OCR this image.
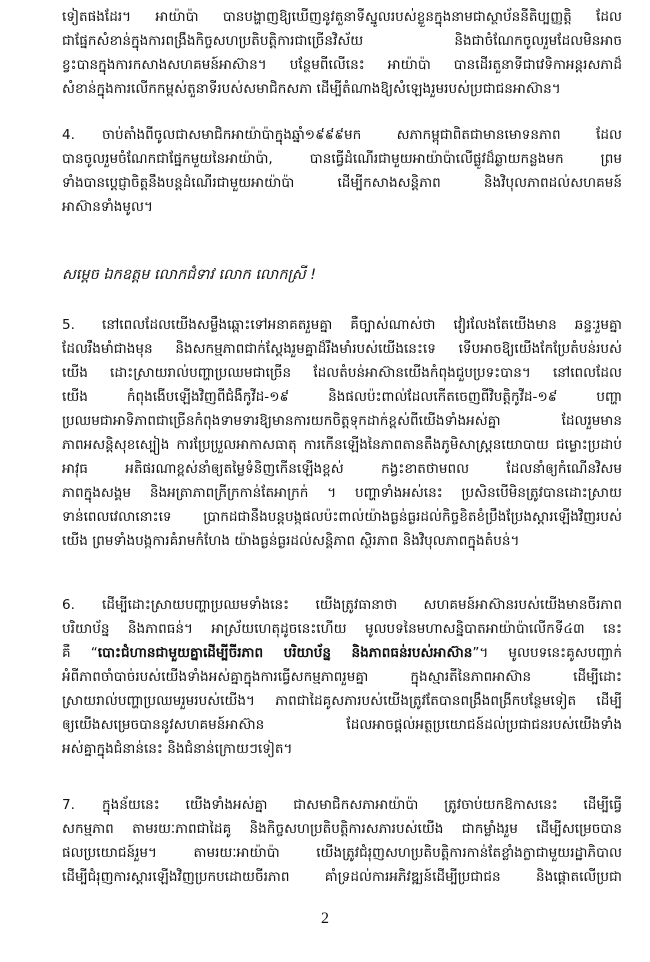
ទៀតផងដែរ។ អាយ៉ាប៉ា បានបង្ហាញឱ្យឃើញនូវតួនាទីស្នូលរបស់ខ្លួនក្នុងនាមជាស្ថាប័ននីតិប្បញ្ញត្តិ ដែល
ជាផ្នែកសំខាន់ក្នុងការពង្រឹងកិច្ចសហប្រតិបត្តិការជាច្រើនវិស័យ និងជាចំណែកចូលរួមដែលមិនអាច
ខ្វះបានក្នុងការកសាងសហគមន៍អាស៊ាន។ បន្ថែមពីលើនេះ អាយ៉ាប៉ា បានដើរតួនាទីជាវេទិកាអន្តរសភាដ៏
សំខាន់ក្នុងការលើកកម្ពស់តួនាទីរបស់សមាជិកសភា ដើម្បីតំណាងឱ្យសំឡេងរួមរបស់ប្រជាជនអាស៊ាន។
4. ចាប់តាំងពីចូលជាសមាជិកអាយ៉ាប៉ាក្នុងឆ្នាំ១៩៩៩មក សភាកម្ពុជាពិតជាមានមោទនភាព ដែល
បានចូលរួមចំណែកជាផ្នែកមួយនៃអាយ៉ាប៉ា, បានធ្វើដំណើរជាមួយអាយ៉ាប៉ាលើផ្លូវដ៏ឆ្ងាយកន្លងមក ព្រម
ទាំងបានប្តេជ្ញាចិត្តនឹងបន្តដំណើរជាមួយអាយ៉ាប៉ា ដើម្បីកសាងសន្តិភាព និងវិបុលភាពដល់សហគមន៍
អាស៊ានទាំងមូល។
សម្តេច ឯកឧត្តម លោកជំទាវ លោក លោកស្រី !
5. នៅពេលដែលយើងសម្លឹងឆ្ពោះទៅអនាគតរួមគ្នា គឺច្បាស់ណាស់ថា វៀរលែងតែយើងមាន ឆន្ទៈរួមគ្នា
ដែលរឹងមាំជាងមុន និងសកម្មភាពជាក់ស្តែងរួមគ្នាដ៏រឹងមាំរបស់យើងនេះទេ ទើបអាចឱ្យយើងកែប្រែតំបន់របស់
យើង ដោះស្រាយរាល់បញ្ហាប្រឈមជាច្រើន ដែលតំបន់អាស៊ានយើងកំពុងជួបប្រទះបាន។ នៅពេលដែល
យើង កំពុងងើបឡើងវិញពីជំងឺកូវីដ-១៩ និងផលប៉ះពាល់ដែលកើតចេញពីវិបត្តិកូវីដ-១៩ បញ្ហា
ប្រឈមជាអាទិភាពជាច្រើនកំពុងទាមទារឱ្យមានការយកចិត្តទុកដាក់ខ្ពស់ពីយើងទាំងអស់គ្នា ដែលរួមមាន
ភាពអសន្តិសុខស្បៀង ការប្រែប្រួលអាកាសធាតុ ការកើនឡើងនៃភាពតានតឹងភូមិសាស្ត្រនយោបាយ ជម្លោះប្រដាប់
អាវុធ អតិផរណាខ្ពស់នាំឲ្យតម្លៃទំនិញកើនឡើងខ្ពស់ កង្វះខាតថាមពល ដែលនាំឲ្យកំណើនវិសម
ភាពក្នុងសង្គម និងអត្រាភាពក្រីក្រកាន់តែអាក្រក់ ។ បញ្ហាទាំងអស់នេះ ប្រសិនបើមិនត្រូវបានដោះស្រាយ
ទាន់ពេលវេលានោះទេ ប្រាកដជានឹងបន្តបង្កផលប៉ះពាល់យ៉ាងធ្ងន់ធ្ងរដល់កិច្ចខិតខំប្រឹងប្រែងស្តារឡើងវិញរបស់
យើង ព្រមទាំងបង្កការគំរាមកំហែង យ៉ាងធ្ងន់ធ្ងរដល់សន្តិភាព ស្ថិរភាព និងវិបុលភាពក្នុងតំបន់។
6. ដើម្បីដោះស្រាយបញ្ហាប្រឈមទាំងនេះ យើងត្រូវធានាថា សហគមន៍អាស៊ានរបស់យើងមានចីរភាព
បរិយាប័ន្ន និងភាពធន់។ អាស្រ័យហេតុដូចនេះហើយ មូលបទនៃមហាសន្និបាតអាយ៉ាប៉ាលើកទី៤៣ នេះ
គឺ “បោះជំហានជាមួយគ្នាដើម្បីចីរភាព បរិយាប័ន្ន និងភាពធន់របស់អាស៊ាន”។ មូលបទនេះគូសបញ្ជាក់
អំពីភាពចាំបាច់របស់យើងទាំងអស់គ្នាក្នុងការធ្វើសកម្មភាពរួមគ្នា ក្នុងស្មារតីនៃភាពអាស៊ាន ដើម្បីដោះ
ស្រាយរាល់បញ្ហាប្រឈមរួមរបស់យើង។ ភាពជាដៃគូសភារបស់យើងត្រូវតែបានពង្រឹងពង្រីកបន្ថែមទៀត ដើម្បី
ឲ្យយើងសម្រេចបាននូវសហគមន៍អាស៊ាន ដែលអាចផ្តល់អត្ថប្រយោជន៍ដល់ប្រជាជនរបស់យើងទាំង
អស់គ្នាក្នុងជំនាន់នេះ និងជំនាន់ក្រោយៗទៀត។
7. ក្នុងន័យនេះ យើងទាំងអស់គ្នា ជាសមាជិកសភាអាយ៉ាប៉ា ត្រូវចាប់យកឱកាសនេះ ដើម្បីធ្វើ
សកម្មភាព តាមរយៈភាពជាដៃគូ និងកិច្ចសហប្រតិបត្តិការសភារបស់យើង ជាកម្លាំងរួម ដើម្បីសម្រេចបាន
ផលប្រយោជន៍រួម។ តាមរយៈអាយ៉ាប៉ា យើងត្រូវជំរុញសហប្រតិបត្តិការកាន់តែខ្លាំងក្លាជាមួយរដ្ឋាភិបាល
ដើម្បីជំរុញការស្តារឡើងវិញប្រកបដោយចីរភាព គាំទ្រដល់ការអភិវឌ្ឍន៍ដើម្បីប្រជាជន និងផ្តោតលើប្រជា
2
